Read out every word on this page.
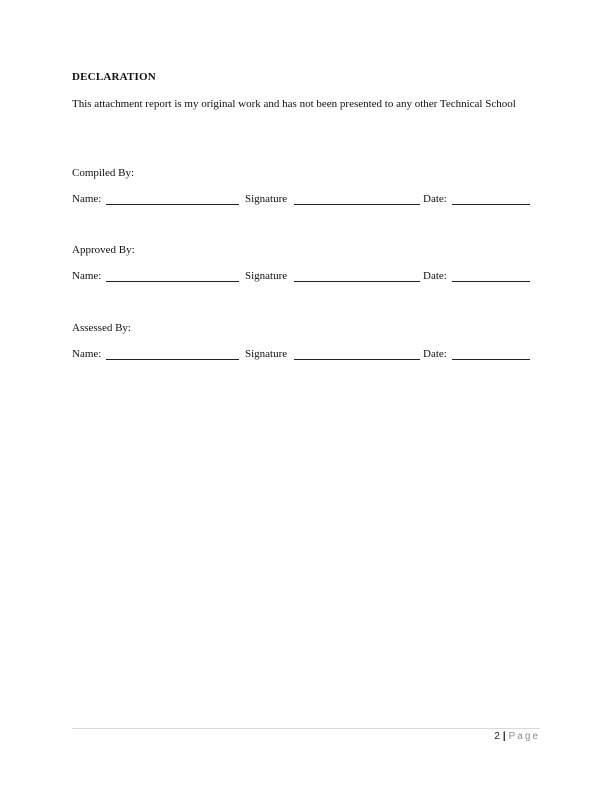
DECLARATION
This attachment report is my original work and has not been presented to any other Technical School
Compiled By:
Name:	Signature	Date:
Approved By:
Name:	Signature	Date:
Assessed By:
Name:	Signature	Date:
2 | Page
